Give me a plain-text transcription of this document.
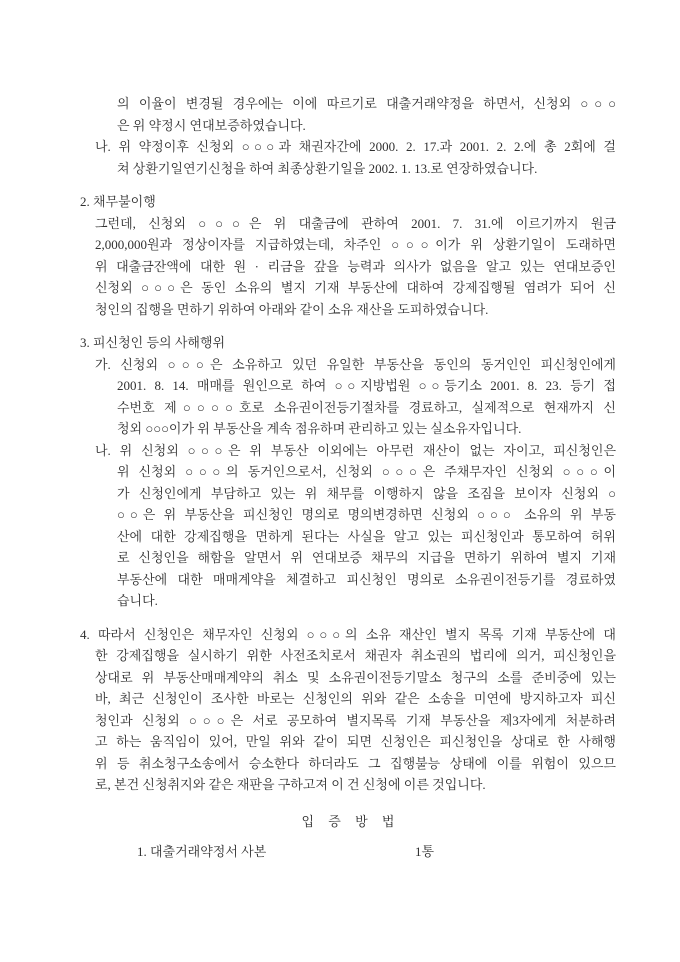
의 이율이 변경될 경우에는 이에 따르기로 대출거래약정을 하면서, 신청외 ○○○
은 위 약정시 연대보증하였습니다.
나. 위 약정이후 신청외 ○○○과 채권자간에 2000. 2. 17.과 2001. 2. 2.에 총 2회에 걸
쳐 상환기일연기신청을 하여 최종상환기일을 2002. 1. 13.로 연장하였습니다.
2. 채무불이행
그런데, 신청외 ○○○은 위 대출금에 관하여 2001. 7. 31.에 이르기까지 원금
2,000,000원과 정상이자를 지급하였는데, 차주인 ○○○이가 위 상환기일이 도래하면
위 대출금잔액에 대한 원 · 리금을 갚을 능력과 의사가 없음을 알고 있는 연대보증인
신청외 ○○○은 동인 소유의 별지 기재 부동산에 대하여 강제집행될 염려가 되어 신
청인의 집행을 면하기 위하여 아래와 같이 소유 재산을 도피하였습니다.
3. 피신청인 등의 사해행위
가. 신청외 ○○○은 소유하고 있던 유일한 부동산을 동인의 동거인인 피신청인에게
2001. 8. 14. 매매를 원인으로 하여 ○○지방법원 ○○등기소 2001. 8. 23. 등기 접
수번호 제○○○○호로 소유권이전등기절차를 경료하고, 실제적으로 현재까지 신
청외 ○○○이가 위 부동산을 계속 점유하며 관리하고 있는 실소유자입니다.
나. 위 신청외 ○○○은 위 부동산 이외에는 아무런 재산이 없는 자이고, 피신청인은
위 신청외 ○○○의 동거인으로서, 신청외 ○○○은 주채무자인 신청외 ○○○이
가 신청인에게 부담하고 있는 위 채무를 이행하지 않을 조짐을 보이자 신청외 ○
○○은 위 부동산을 피신청인 명의로 명의변경하면 신청외 ○○○ 소유의 위 부동
산에 대한 강제집행을 면하게 된다는 사실을 알고 있는 피신청인과 통모하여 허위
로 신청인을 해함을 알면서 위 연대보증 채무의 지급을 면하기 위하여 별지 기재
부동산에 대한 매매계약을 체결하고 피신청인 명의로 소유권이전등기를 경료하였
습니다.
4. 따라서 신청인은 채무자인 신청외 ○○○의 소유 재산인 별지 목록 기재 부동산에 대
한 강제집행을 실시하기 위한 사전조치로서 채권자 취소권의 법리에 의거, 피신청인을
상대로 위 부동산매매계약의 취소 및 소유권이전등기말소 청구의 소를 준비중에 있는
바, 최근 신청인이 조사한 바로는 신청인의 위와 같은 소송을 미연에 방지하고자 피신
청인과 신청외 ○○○은 서로 공모하여 별지목록 기재 부동산을 제3자에게 처분하려
고 하는 움직임이 있어, 만일 위와 같이 되면 신청인은 피신청인을 상대로 한 사해행
위 등 취소청구소송에서 승소한다 하더라도 그 집행불능 상태에 이를 위험이 있으므
로, 본건 신청취지와 같은 재판을 구하고져 이 건 신청에 이른 것입니다.
입 증 방 법
1. 대출거래약정서 사본	1통
